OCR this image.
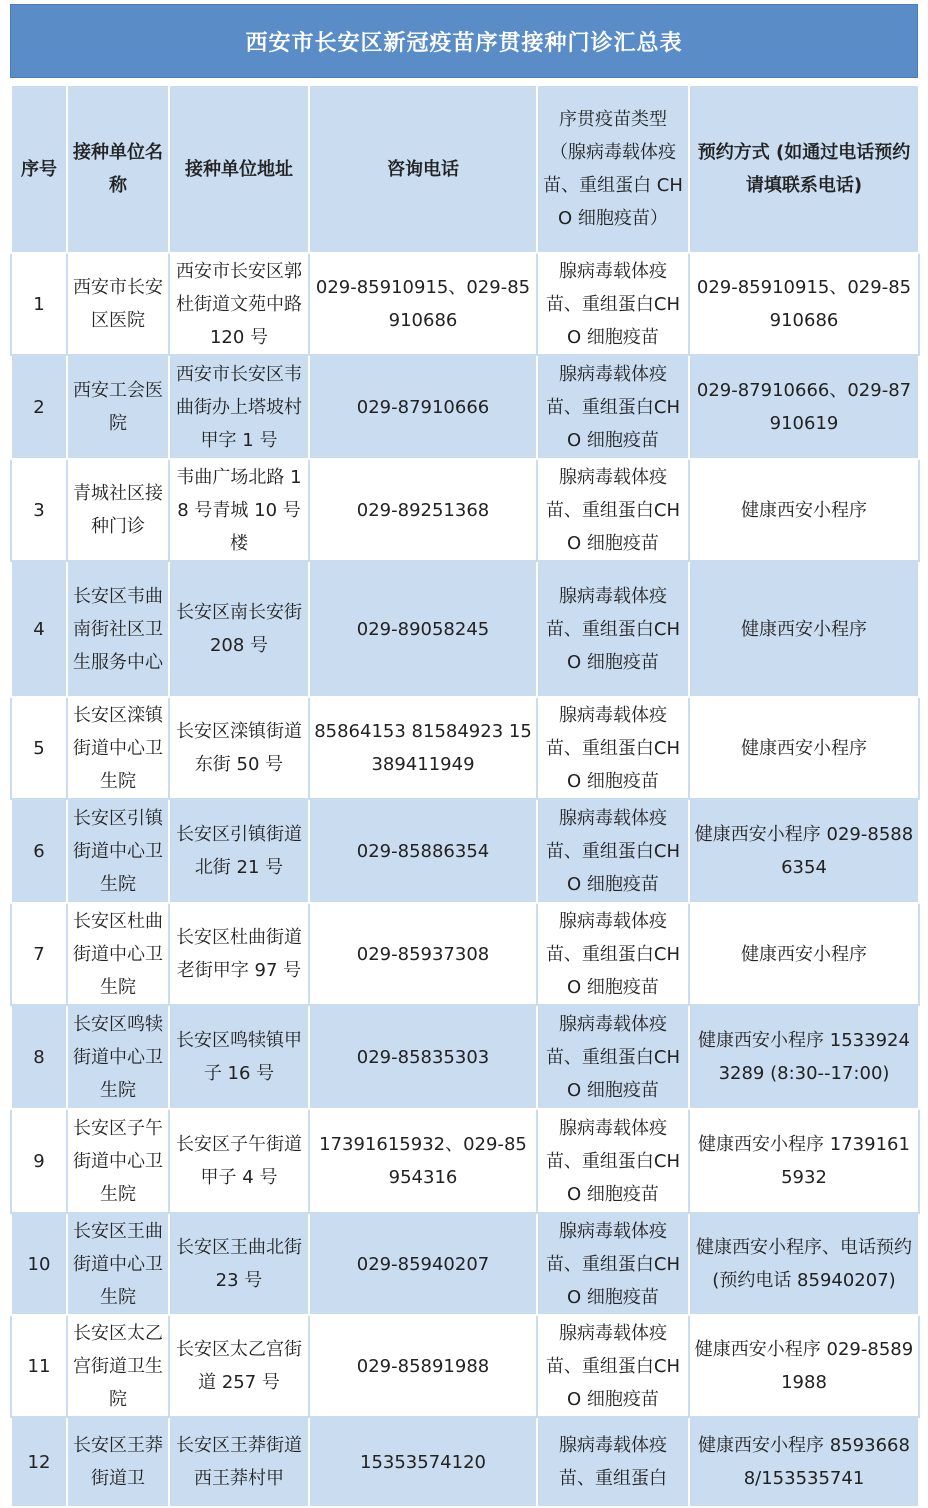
西安市长安区新冠疫苗序贯接种门诊汇总表
序号	接种单位名称	接种单位地址	咨询电话	序贯疫苗类型（腺病毒载体疫苗、重组蛋白 CHO 细胞疫苗）	预约方式 (如通过电话预约请填联系电话)
1	西安市长安区医院	西安市长安区郭杜街道文苑中路 120 号	029-85910915、029-85910686	腺病毒载体疫苗、重组蛋白CHO 细胞疫苗	029-85910915、029-85910686
2	西安工会医院	西安市长安区韦曲街办上塔坡村甲字 1 号	029-87910666	腺病毒载体疫苗、重组蛋白CHO 细胞疫苗	029-87910666、029-87910619
3	青城社区接种门诊	韦曲广场北路 18 号青城 10 号楼	029-89251368	腺病毒载体疫苗、重组蛋白CHO 细胞疫苗	健康西安小程序
4	长安区韦曲南街社区卫生服务中心	长安区南长安街 208 号	029-89058245	腺病毒载体疫苗、重组蛋白CHO 细胞疫苗	健康西安小程序
5	长安区滦镇街道中心卫生院	长安区滦镇街道东街 50 号	85864153 81584923 15389411949	腺病毒载体疫苗、重组蛋白CHO 细胞疫苗	健康西安小程序
6	长安区引镇街道中心卫生院	长安区引镇街道北街 21 号	029-85886354	腺病毒载体疫苗、重组蛋白CHO 细胞疫苗	健康西安小程序 029-85886354
7	长安区杜曲街道中心卫生院	长安区杜曲街道老街甲字 97 号	029-85937308	腺病毒载体疫苗、重组蛋白CHO 细胞疫苗	健康西安小程序
8	长安区鸣犊街道中心卫生院	长安区鸣犊镇甲子 16 号	029-85835303	腺病毒载体疫苗、重组蛋白CHO 细胞疫苗	健康西安小程序 15339243289 (8:30--17:00)
9	长安区子午街道中心卫生院	长安区子午街道甲子 4 号	17391615932、029-85954316	腺病毒载体疫苗、重组蛋白CHO 细胞疫苗	健康西安小程序 17391615932
10	长安区王曲街道中心卫生院	长安区王曲北街 23 号	029-85940207	腺病毒载体疫苗、重组蛋白CHO 细胞疫苗	健康西安小程序、电话预约(预约电话 85940207)
11	长安区太乙宫街道卫生院	长安区太乙宫街道 257 号	029-85891988	腺病毒载体疫苗、重组蛋白CHO 细胞疫苗	健康西安小程序 029-85891988
12	长安区王莽街道卫	长安区王莽街道西王莽村甲	15353574120	腺病毒载体疫苗、重组蛋白	健康西安小程序 85936688/153535741
